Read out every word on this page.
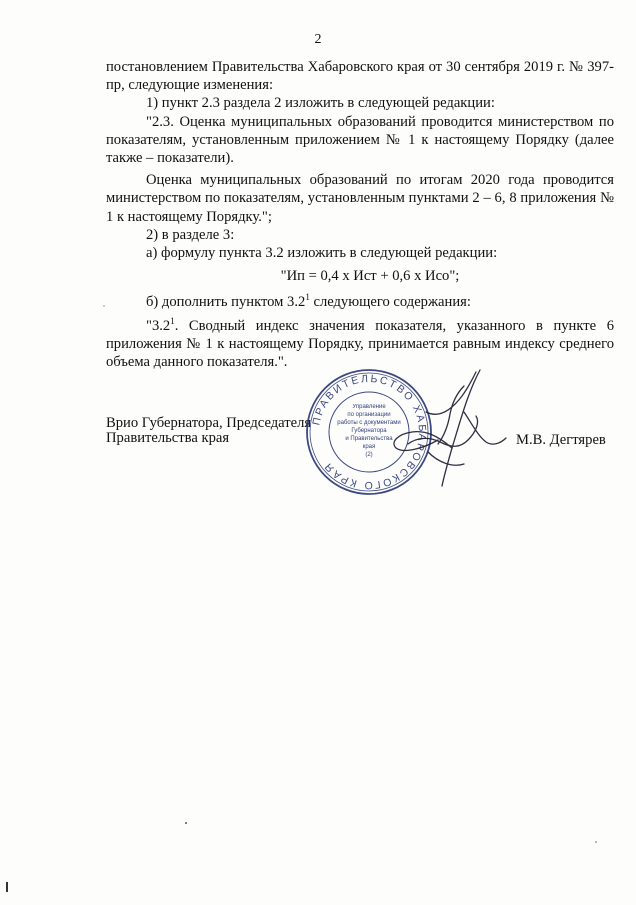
2

постановлением Правительства Хабаровского края от 30 сентября 2019 г. № 397-пр, следующие изменения:

1) пункт 2.3 раздела 2 изложить в следующей редакции:

"2.3. Оценка муниципальных образований проводится министерством по показателям, установленным приложением № 1 к настоящему Порядку (далее также – показатели).

Оценка муниципальных образований по итогам 2020 года проводится министерством по показателям, установленным пунктами 2 – 6, 8 приложения № 1 к настоящему Порядку.";

2) в разделе 3:

а) формулу пункта 3.2 изложить в следующей редакции:

"Ип = 0,4 х Ист + 0,6 х Исо";

б) дополнить пунктом $3.2^1$ следующего содержания:

"$3.2^1$. Сводный индекс значения показателя, указанного в пункте 6 приложения № 1 к настоящему Порядку, принимается равным индексу среднего объема данного показателя.".

Врио Губернатора, Председателя
Правительства края
ПРАВИТЕЛЬСТВО ХАБАРОВСКОГО КРАЯ
Управление
по организации
работы с документами
Губернатора
и Правительства
края
(2)
М.В. Дегтярев
